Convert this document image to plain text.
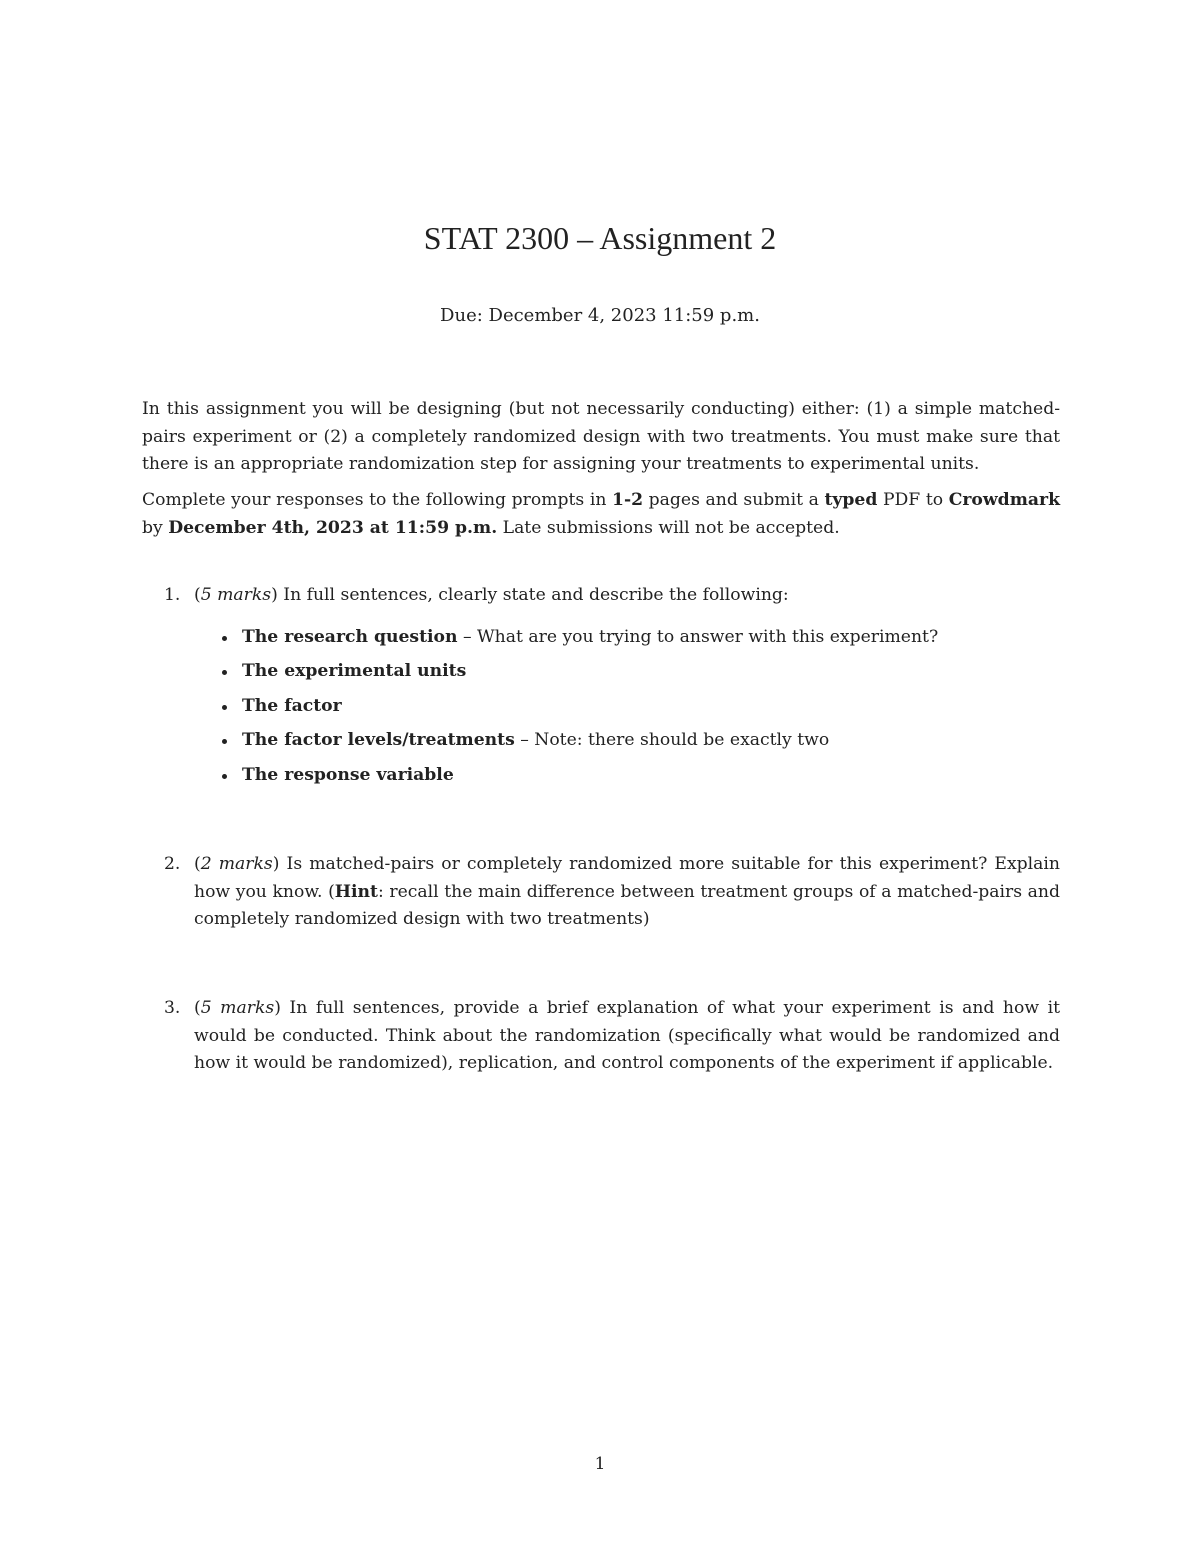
STAT 2300 – Assignment 2
Due: December 4, 2023 11:59 p.m.
In this assignment you will be designing (but not necessarily conducting) either: (1) a simple matched-pairs experiment or (2) a completely randomized design with two treatments. You must make sure that there is an appropriate randomization step for assigning your treatments to experimental units.
Complete your responses to the following prompts in 1-2 pages and submit a typed PDF to Crowdmark by December 4th, 2023 at 11:59 p.m. Late submissions will not be accepted.
1. (5 marks) In full sentences, clearly state and describe the following:
The research question – What are you trying to answer with this experiment?
The experimental units
The factor
The factor levels/treatments – Note: there should be exactly two
The response variable
2. (2 marks) Is matched-pairs or completely randomized more suitable for this experiment? Explain how you know. (Hint: recall the main difference between treatment groups of a matched-pairs and completely randomized design with two treatments)
3. (5 marks) In full sentences, provide a brief explanation of what your experiment is and how it would be conducted. Think about the randomization (specifically what would be randomized and how it would be randomized), replication, and control components of the experiment if applicable.
1
